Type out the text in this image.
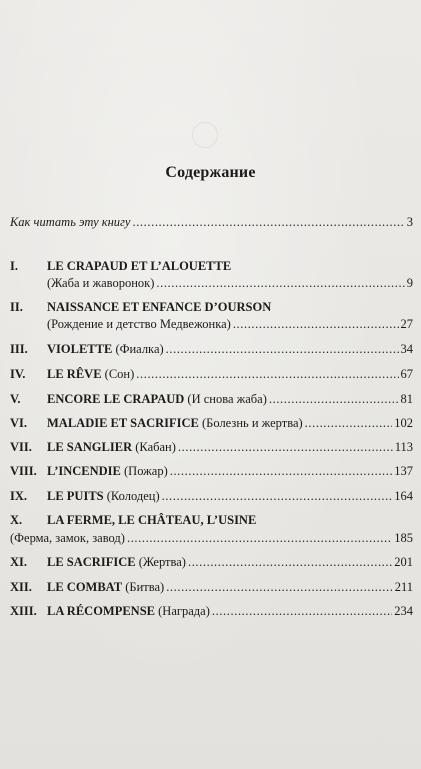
Содержание
Как читать эту книгу .....	3
I.	LE CRAPAUD ET L’ALOUETTE
(Жаба и жаворонок) .....	9
II.	NAISSANCE ET ENFANCE D’OURSON
(Рождение и детство Медвежонка) .....	27
III.	VIOLETTE (Фиалка) .....	34
IV.	LE RÊVE (Сон) .....	67
V.	ENCORE LE CRAPAUD (И снова жаба) .....	81
VI.	MALADIE ET SACRIFICE (Болезнь и жертва) .....	102
VII.	LE SANGLIER (Кабан) .....	113
VIII. L’INCENDIE (Пожар) .....	137
IX.	LE PUITS (Колодец) .....	164
X.	LA FERME, LE CHÂTEAU, L’USINE
(Ферма, замок, завод) .....	185
XI.	LE SACRIFICE (Жертва) .....	201
XII.	LE COMBAT (Битва) .....	211
XIII. LA RÉCOMPENSE (Награда) .....	234
